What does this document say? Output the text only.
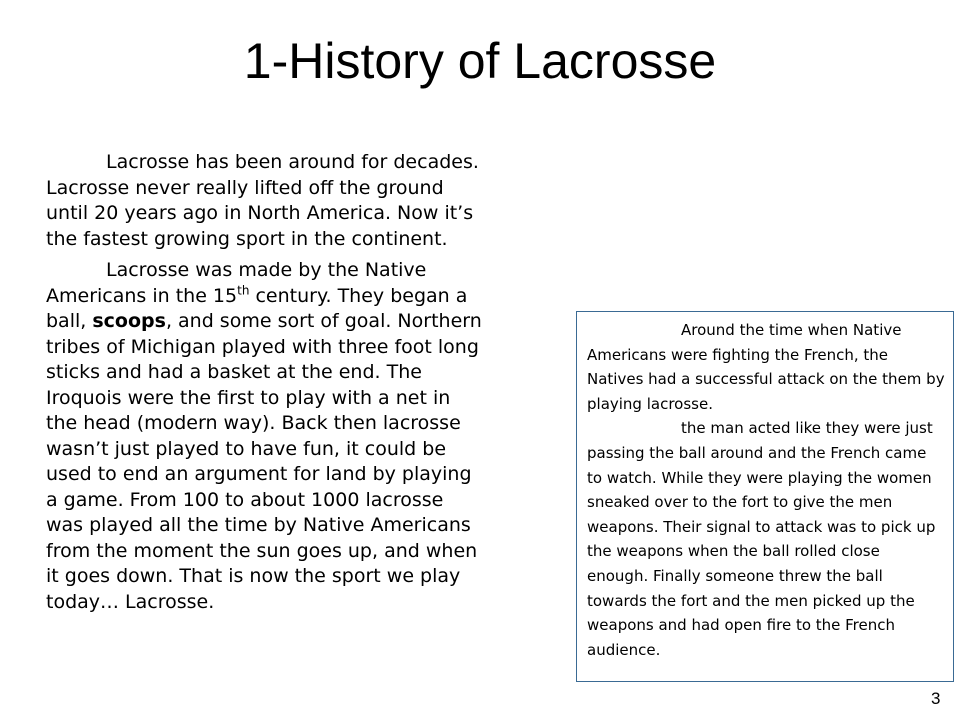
1-History of Lacrosse

Lacrosse has been around for decades. Lacrosse never really lifted off the ground until 20 years ago in North America. Now it’s the fastest growing sport in the continent.

Lacrosse was made by the Native Americans in the 15th century. They began a ball, scoops, and some sort of goal. Northern tribes of Michigan played with three foot long sticks and had a basket at the end. The Iroquois were the first to play with a net in the head (modern way). Back then lacrosse wasn’t just played to have fun, it could be used to end an argument for land by playing a game. From 100 to about 1000 lacrosse was played all the time by Native Americans from the moment the sun goes up, and when it goes down. That is now the sport we play today… Lacrosse.

Around the time when Native Americans were fighting the French, the Natives had a successful attack on the them by playing lacrosse.

the man acted like they were just passing the ball around and the French came to watch. While they were playing the women sneaked over to the fort to give the men weapons. Their signal to attack was to pick up the weapons when the ball rolled close enough. Finally someone threw the ball towards the fort and the men picked up the weapons and had open fire to the French audience.

3
